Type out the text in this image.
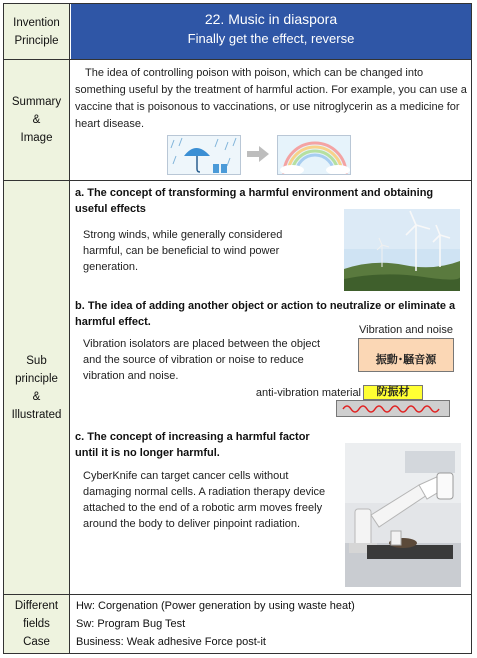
Invention
Principle
22. Music in diaspora
Finally get the effect, reverse
Summary
&
Image
The idea of controlling poison with poison, which can be changed into something useful by the treatment of harmful action. For example, you can use a vaccine that is poisonous to vaccinations, or use nitroglycerin as a medicine for heart disease.
Sub
principle
&
Illustrated
a. The concept of transforming a harmful environment and obtaining useful effects
Strong winds, while generally considered harmful, can be beneficial to wind power generation.
b. The idea of adding another object or action to neutralize or eliminate a harmful effect.
Vibration isolators are placed between the object and the source of vibration or noise to reduce vibration and noise.
Vibration and noise
振動･騒音源
anti-vibration material	防振材
c. The concept of increasing a harmful factor until it is no longer harmful.
CyberKnife can target cancer cells without damaging normal cells. A radiation therapy device attached to the end of a robotic arm moves freely around the body to deliver pinpoint radiation.
Different
fields
Case
Hw: Corgenation (Power generation by using waste heat)
Sw: Program Bug Test
Business: Weak adhesive Force post-it
